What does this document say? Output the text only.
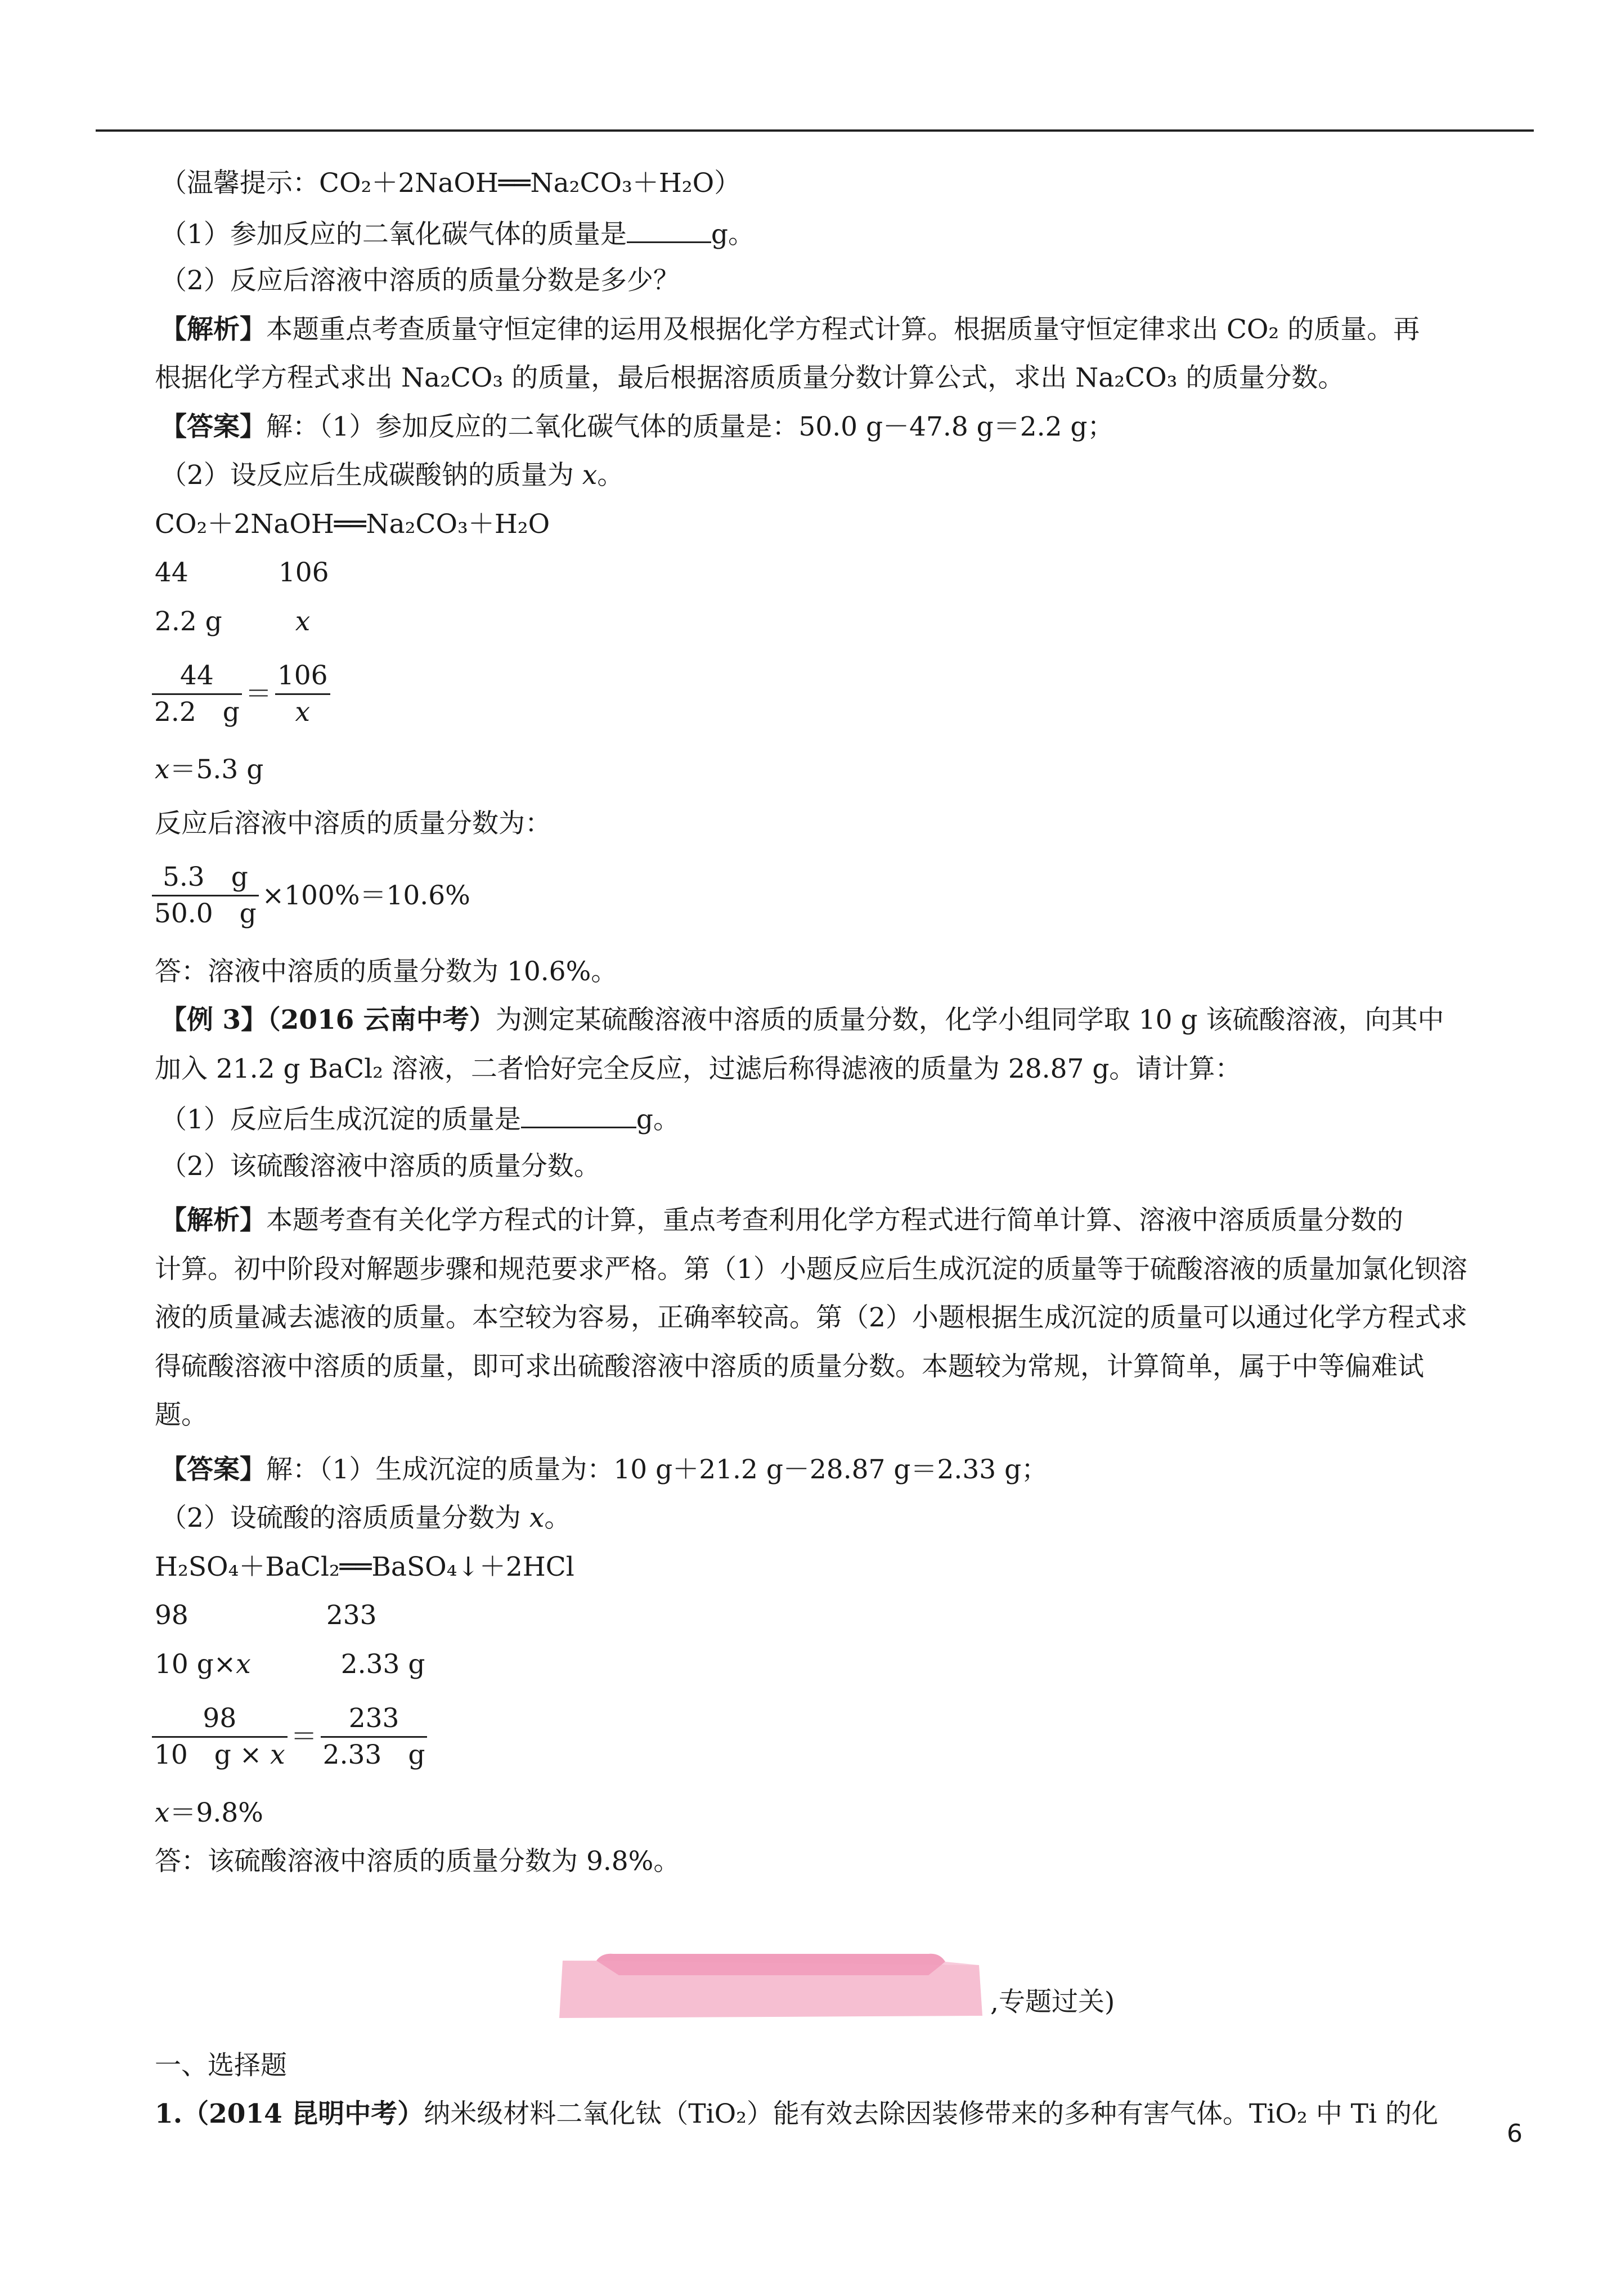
（温馨提示：CO₂＋2NaOH══Na₂CO₃＋H₂O）
（1）参加反应的二氧化碳气体的质量是	g。
（2）反应后溶液中溶质的质量分数是多少？
【解析】本题重点考查质量守恒定律的运用及根据化学方程式计算。根据质量守恒定律求出 CO₂ 的质量。再
根据化学方程式求出 Na₂CO₃ 的质量，最后根据溶质质量分数计算公式，求出 Na₂CO₃ 的质量分数。
【答案】解：（1）参加反应的二氧化碳气体的质量是：50.0 g－47.8 g＝2.2 g；
（2）设反应后生成碳酸钠的质量为 x。
CO₂＋2NaOH══Na₂CO₃＋H₂O
44	106
2.2 g	x
$\frac{44}{2.2 g} = \frac{106}{x}$
x＝5.3 g
反应后溶液中溶质的质量分数为：
$\frac{5.3 g}{50.0 g} \times 100\%=10.6\%$
答：溶液中溶质的质量分数为 10.6%。
【例 3】（2016 云南中考）为测定某硫酸溶液中溶质的质量分数，化学小组同学取 10 g 该硫酸溶液，向其中
加入 21.2 g BaCl₂ 溶液，二者恰好完全反应，过滤后称得滤液的质量为 28.87 g。请计算：
（1）反应后生成沉淀的质量是	g。
（2）该硫酸溶液中溶质的质量分数。
【解析】本题考查有关化学方程式的计算，重点考查利用化学方程式进行简单计算、溶液中溶质质量分数的
计算。初中阶段对解题步骤和规范要求严格。第（1）小题反应后生成沉淀的质量等于硫酸溶液的质量加氯化钡溶
液的质量减去滤液的质量。本空较为容易，正确率较高。第（2）小题根据生成沉淀的质量可以通过化学方程式求
得硫酸溶液中溶质的质量，即可求出硫酸溶液中溶质的质量分数。本题较为常规，计算简单，属于中等偏难试
题。
【答案】解：（1）生成沉淀的质量为：10 g＋21.2 g－28.87 g＝2.33 g；
（2）设硫酸的溶质质量分数为 x。
H₂SO₄＋BaCl₂══BaSO₄↓＋2HCl
98	233
10 g×x	2.33 g
$\frac{98}{10 g \times x} = \frac{233}{2.33 g}$
x＝9.8%
答：该硫酸溶液中溶质的质量分数为 9.8%。
,专题过关)
一、选择题
1.（2014 昆明中考）纳米级材料二氧化钛（TiO₂）能有效去除因装修带来的多种有害气体。TiO₂ 中 Ti 的化
6
